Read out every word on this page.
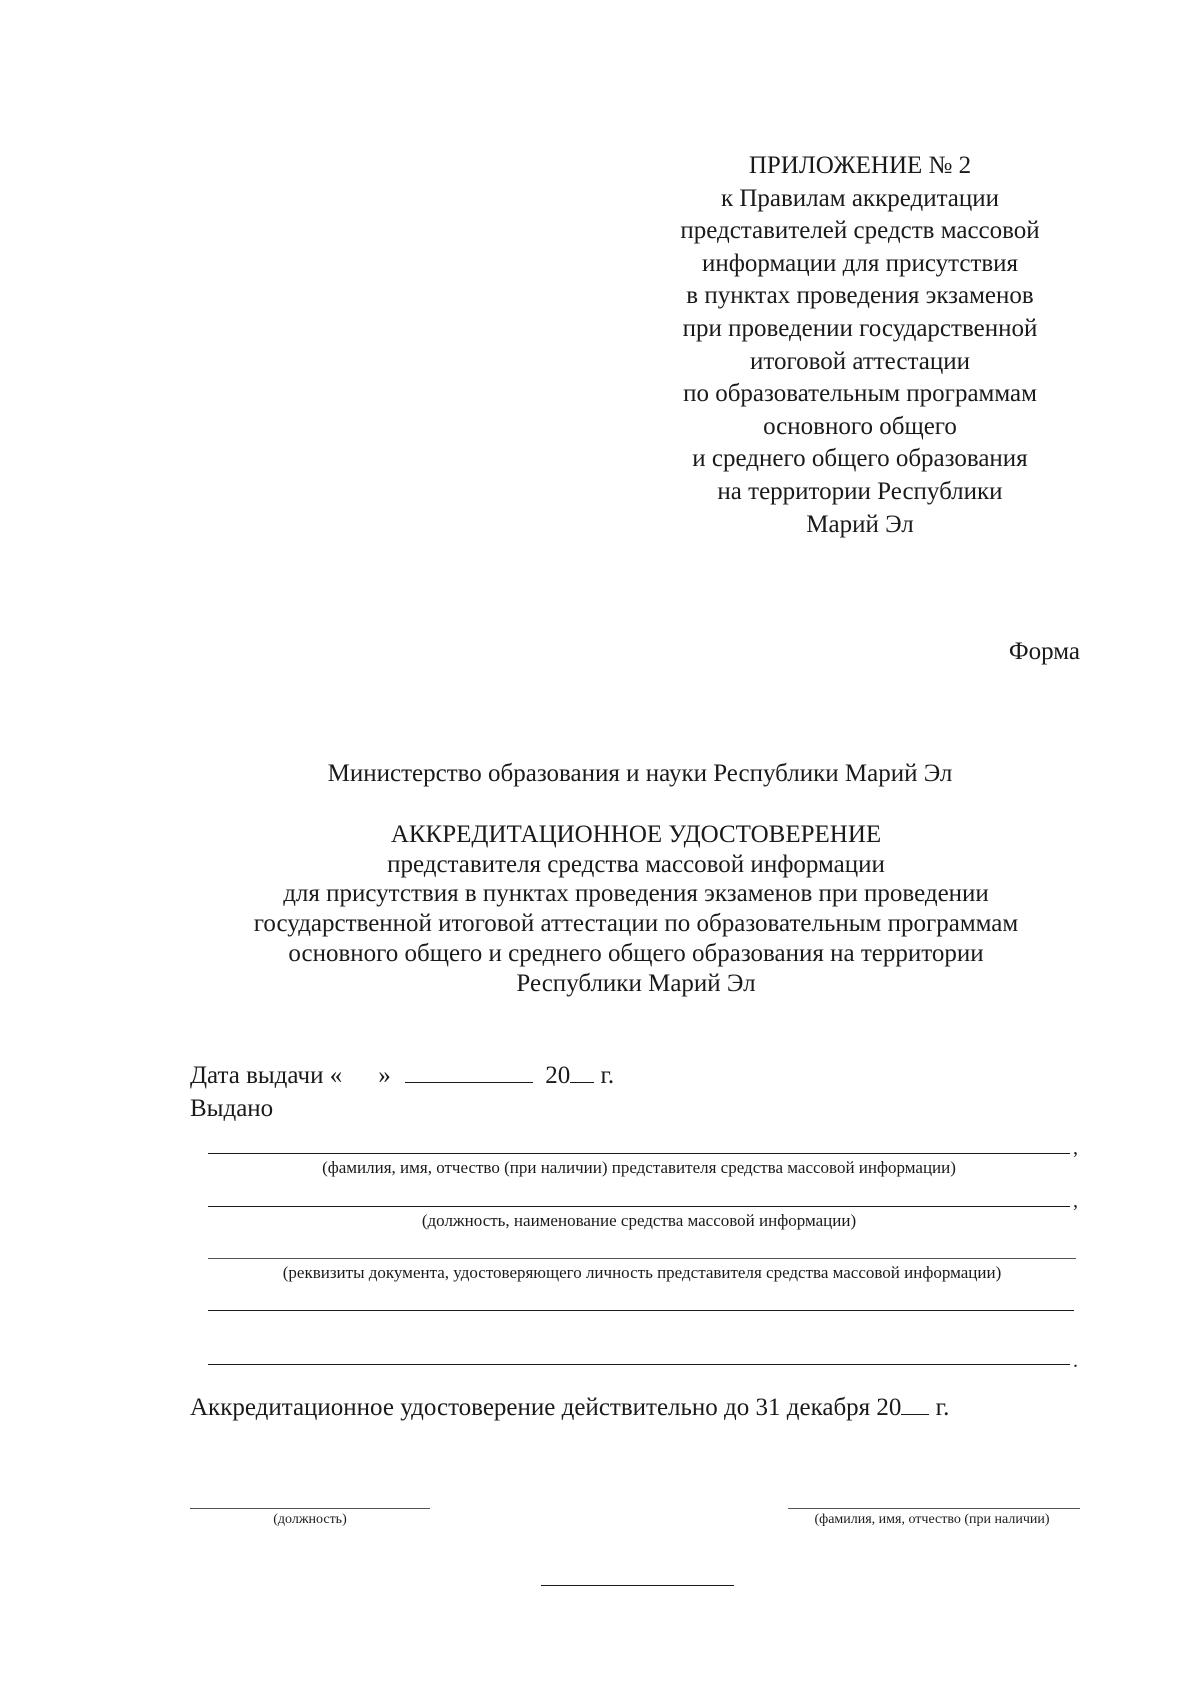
ПРИЛОЖЕНИЕ № 2
к Правилам аккредитации
представителей средств массовой
информации для присутствия
в пунктах проведения экзаменов
при проведении государственной
итоговой аттестации
по образовательным программам
основного общего
и среднего общего образования
на территории Республики
Марий Эл
Форма
Министерство образования и науки Республики Марий Эл
АККРЕДИТАЦИОННОЕ УДОСТОВЕРЕНИЕ
представителя средства массовой информации
для присутствия в пунктах проведения экзаменов при проведении
государственной итоговой аттестации по образовательным программам
основного общего и среднего общего образования на территории
Республики Марий Эл
Дата выдачи « »	20 г.
Выдано
,
(фамилия, имя, отчество (при наличии) представителя средства массовой информации)
,
(должность, наименование средства массовой информации)
(реквизиты документа, удостоверяющего личность представителя средства массовой информации)
.
Аккредитационное удостоверение действительно до 31 декабря 20 г.
(должность)	(фамилия, имя, отчество (при наличии)
